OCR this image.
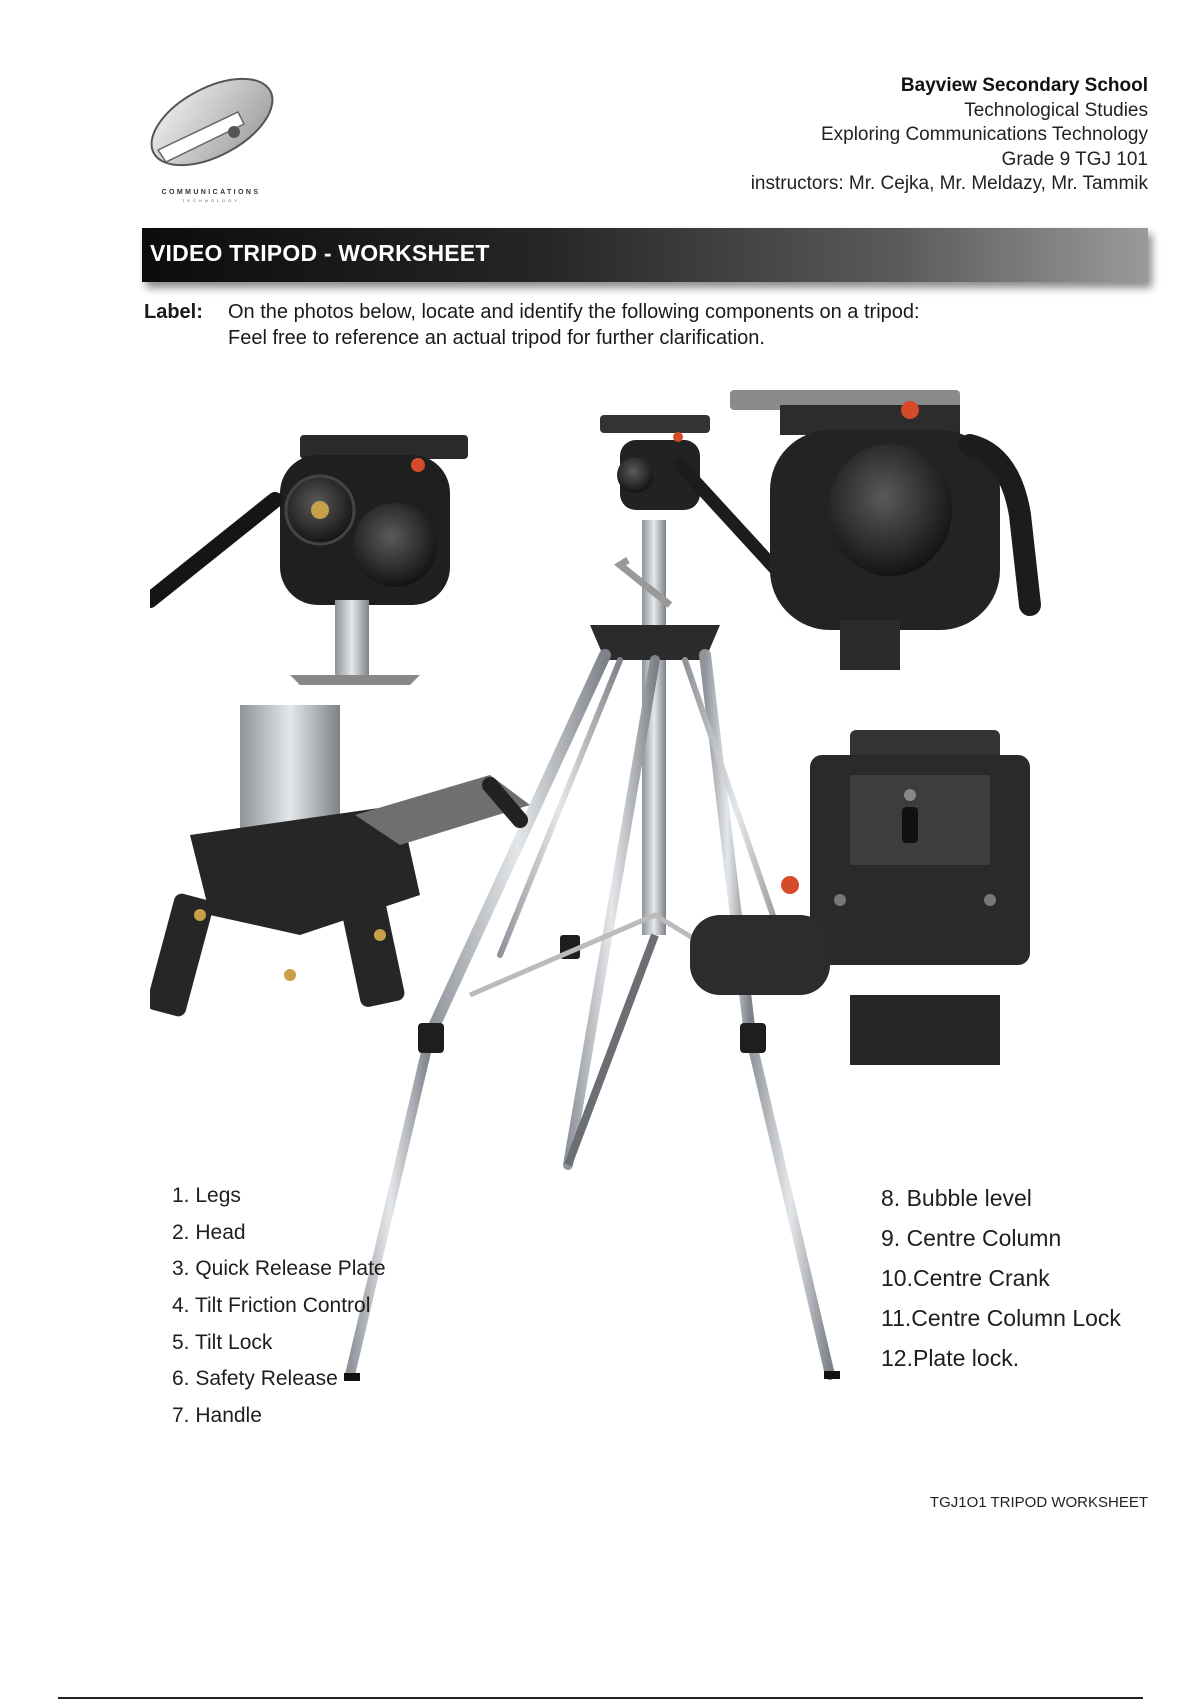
COMMUNICATIONS
TECHNOLOGY
Bayview Secondary School
Technological Studies
Exploring Communications Technology
Grade 9 TGJ 101
instructors: Mr. Cejka, Mr. Meldazy, Mr. Tammik
VIDEO TRIPOD - WORKSHEET
Label: On the photos below, locate and identify the following components on a tripod:
Feel free to reference an actual tripod for further clarification.
1. Legs
2. Head
3. Quick Release Plate
4. Tilt Friction Control
5. Tilt Lock
6. Safety Release
7. Handle
8. Bubble level
9. Centre Column
10.Centre Crank
11.Centre Column Lock
12.Plate lock.
TGJ1O1 TRIPOD WORKSHEET
